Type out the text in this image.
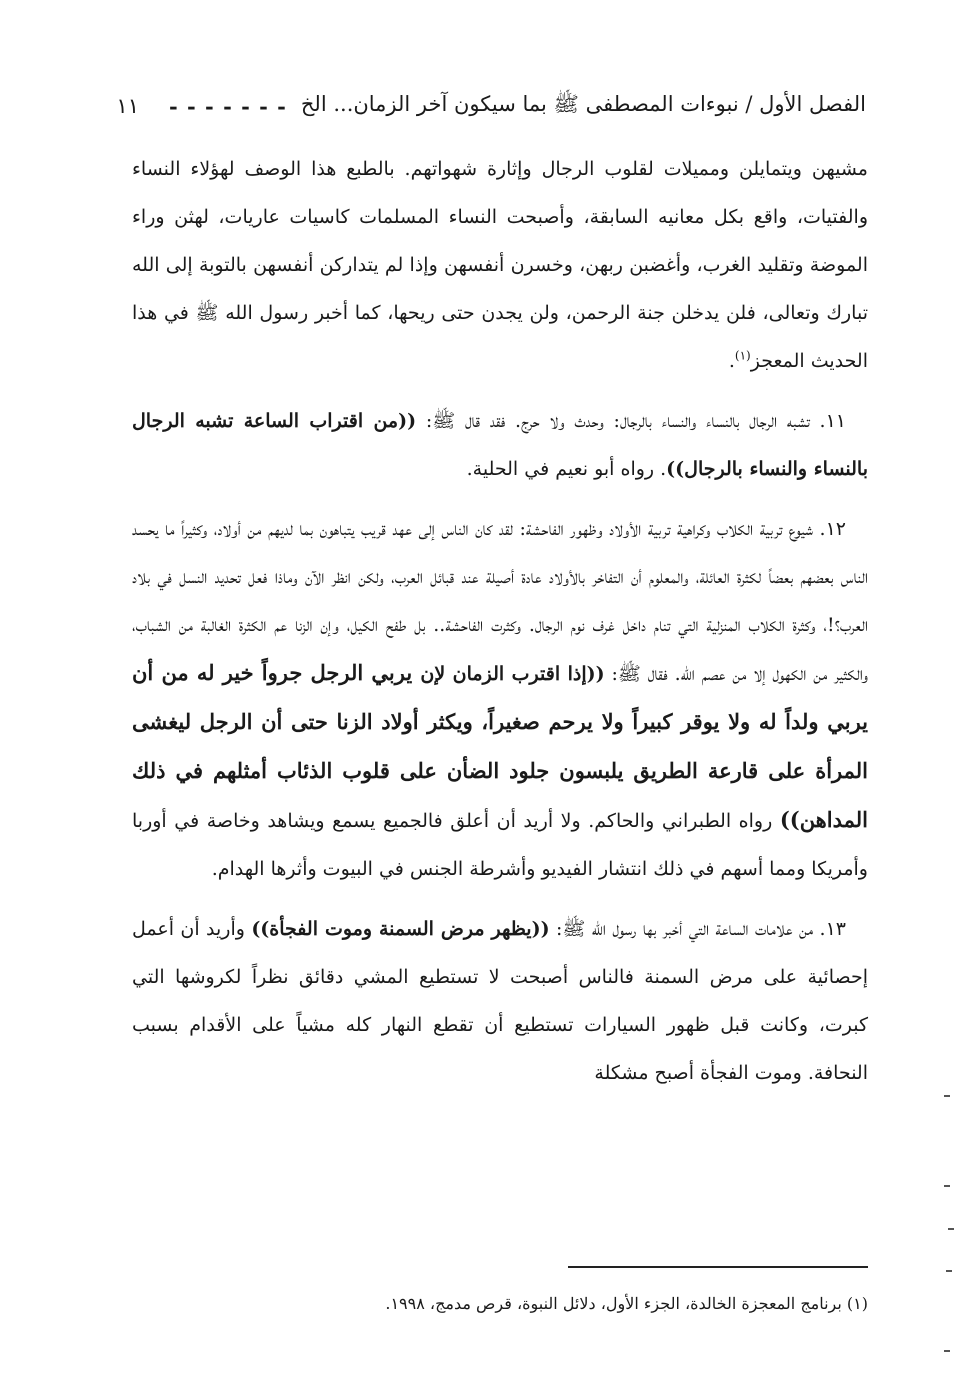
الفصل الأول / نبوءات المصطفى ﷺ بما سيكون آخر الزمان... الخ
- - - - - - -
١١

مشيهن ويتمايلن ومميلات لقلوب الرجال وإثارة شهواتهم. بالطبع هذا الوصف لهؤلاء النساء والفتيات، واقع بكل معانيه السابقة، وأصبحت النساء المسلمات كاسيات عاريات، لهثن وراء الموضة وتقليد الغرب، وأغضبن ربهن، وخسرن أنفسهن وإذا لم يتداركن أنفسهن بالتوبة إلى الله تبارك وتعالى، فلن يدخلن جنة الرحمن، ولن يجدن حتى ريحها، كما أخبر رسول الله ﷺ في هذا الحديث المعجز$^{(١)}$.

١١. تشبه الرجال بالنساء والنساء بالرجال: وحدث ولا حرج. فقد قال ﷺ: ((من اقتراب الساعة تشبه الرجال بالنساء والنساء بالرجال)). رواه أبو نعيم في الحلية.

١٢. شيوع تربية الكلاب وكراهية تربية الأولاد وظهور الفاحشة: لقد كان الناس إلى عهد قريب يتباهون بما لديهم من أولاد، وكثيراً ما يحسد الناس بعضهم بعضاً لكثرة العائلة، والمعلوم أن التفاخر بالأولاد عادة أصيلة عند قبائل العرب، ولكن انظر الآن وماذا فعل تحديد النسل في بلاد العرب؟!، وكثرة الكلاب المنزلية التي تنام داخل غرف نوم الرجال. وكثرت الفاحشة.. بل طفح الكيل، وإن الزنا عم الكثرة الغالبة من الشباب، والكثير من الكهول إلا من عصم الله. فقال ﷺ: ((إذا اقترب الزمان لإن يربي الرجل جرواً خير له من أن يربي ولداً له ولا يوقر كبيراً ولا يرحم صغيراً، ويكثر أولاد الزنا حتى أن الرجل ليغشى المرأة على قارعة الطريق يلبسون جلود الضأن على قلوب الذئاب أمثلهم في ذلك المداهن)) رواه الطبراني والحاكم. ولا أريد أن أعلق فالجميع يسمع ويشاهد وخاصة في أوربا وأمريكا ومما أسهم في ذلك انتشار الفيديو وأشرطة الجنس في البيوت وأثرها الهدام.

١٣. من علامات الساعة التي أخبر بها رسول الله ﷺ: ((يظهر مرض السمنة وموت الفجأة)) وأريد أن أعمل إحصائية على مرض السمنة فالناس أصبحت لا تستطيع المشي دقائق نظراً لكروشها التي كبرت، وكانت قبل ظهور السيارات تستطيع أن تقطع النهار كله مشياً على الأقدام بسبب النحافة. وموت الفجأة أصبح مشكلة

(١) برنامج المعجزة الخالدة، الجزء الأول، دلائل النبوة، قرص مدمج، ١٩٩٨.
